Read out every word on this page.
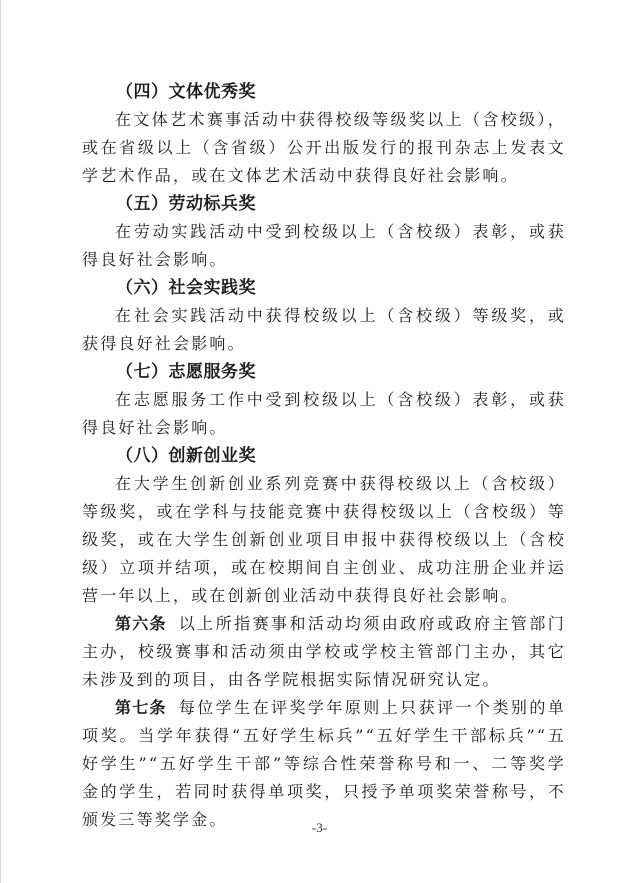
（四）文体优秀奖

在文体艺术赛事活动中获得校级等级奖以上（含校级），或在省级以上（含省级）公开出版发行的报刊杂志上发表文学艺术作品，或在文体艺术活动中获得良好社会影响。

（五）劳动标兵奖

在劳动实践活动中受到校级以上（含校级）表彰，或获得良好社会影响。

（六）社会实践奖

在社会实践活动中获得校级以上（含校级）等级奖，或获得良好社会影响。

（七）志愿服务奖

在志愿服务工作中受到校级以上（含校级）表彰，或获得良好社会影响。

（八）创新创业奖

在大学生创新创业系列竞赛中获得校级以上（含校级）等级奖，或在学科与技能竞赛中获得校级以上（含校级）等级奖，或在大学生创新创业项目申报中获得校级以上（含校级）立项并结项，或在校期间自主创业、成功注册企业并运营一年以上，或在创新创业活动中获得良好社会影响。

第六条 以上所指赛事和活动均须由政府或政府主管部门主办，校级赛事和活动须由学校或学校主管部门主办，其它未涉及到的项目，由各学院根据实际情况研究认定。

第七条 每位学生在评奖学年原则上只获评一个类别的单项奖。当学年获得“五好学生标兵”“五好学生干部标兵”“五好学生”“五好学生干部”等综合性荣誉称号和一、二等奖学金的学生，若同时获得单项奖，只授予单项奖荣誉称号，不颁发三等奖学金。	-3-
